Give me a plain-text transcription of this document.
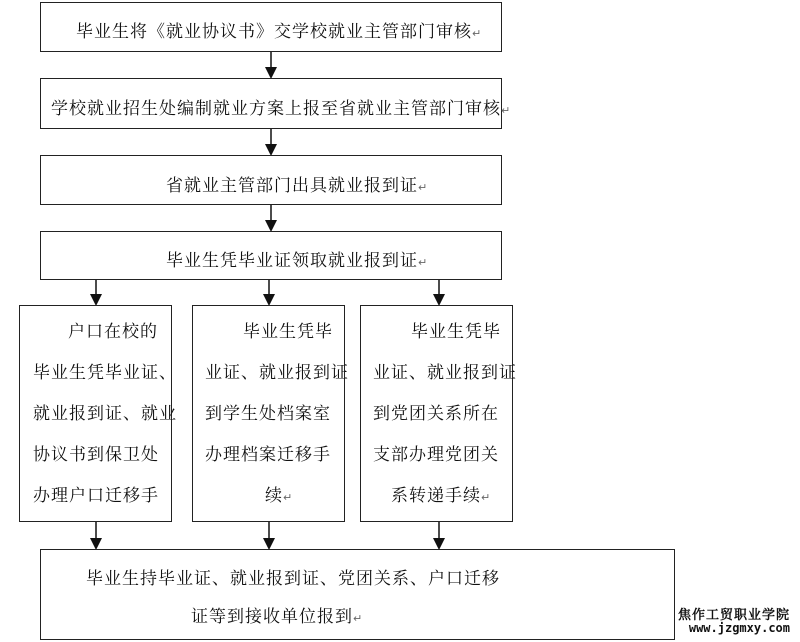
毕业生将《就业协议书》交学校就业主管部门审核↵
学校就业招生处编制就业方案上报至省就业主管部门审核↵
省就业主管部门出具就业报到证↵
毕业生凭毕业证领取就业报到证↵
户口在校的
毕业生凭毕业证、
就业报到证、就业
协议书到保卫处
办理户口迁移手
毕业生凭毕
业证、就业报到证
到学生处档案室
办理档案迁移手
续↵
毕业生凭毕
业证、就业报到证
到党团关系所在
支部办理党团关
系转递手续↵
毕业生持毕业证、就业报到证、党团关系、户口迁移
证等到接收单位报到↵	焦作工贸职业学院
www.jzgmxy.com
